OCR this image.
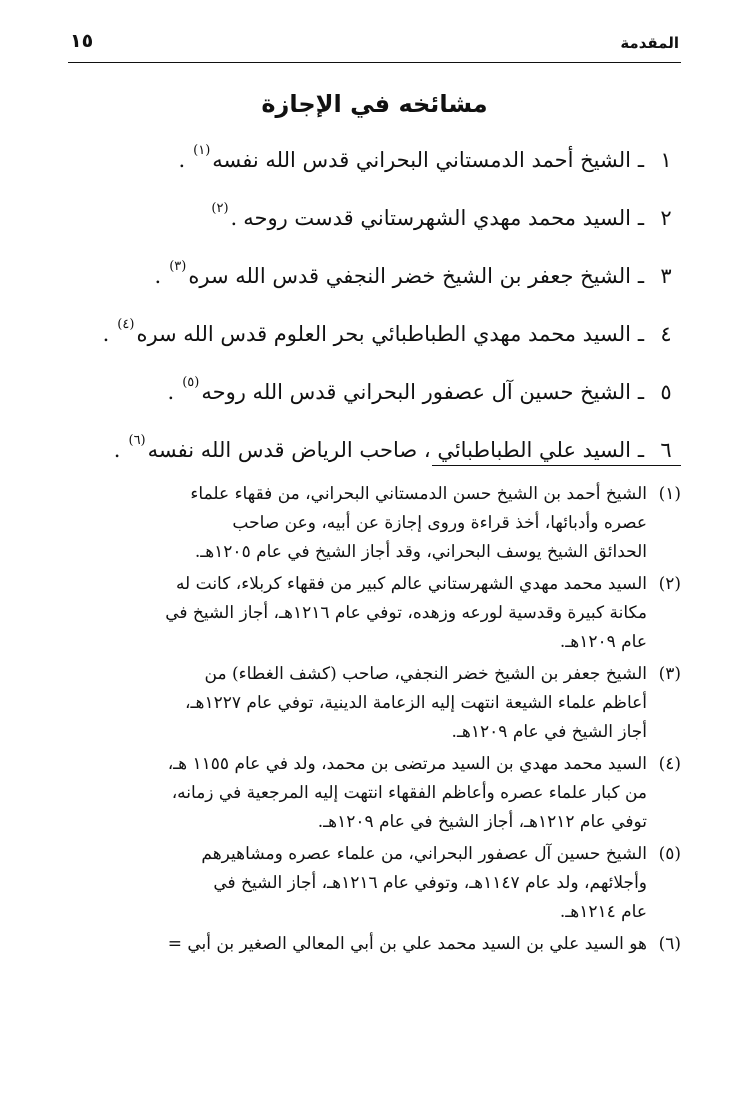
المقدمة
١٥
مشائخه في الإجازة
١
ـ
الشيخ أحمد الدمستاني البحراني قدس الله نفسه
(١)
.
٢
ـ
السيد محمد مهدي الشهرستاني قدست روحه
.
(٢)
٣
ـ
الشيخ جعفر بن الشيخ خضر النجفي قدس الله سره
(٣)
.
٤
ـ
السيد محمد مهدي الطباطبائي بحر العلوم قدس الله سره
(٤)
.
٥
ـ
الشيخ حسين آل عصفور البحراني قدس الله روحه
(٥)
.
٦
ـ
السيد علي الطباطبائي ، صاحب الرياض قدس الله نفسه
(٦)
.
(١)
الشيخ أحمد بن الشيخ حسن الدمستاني البحراني، من فقهاء علماء
عصره وأدبائها، أخذ قراءة وروى إجازة عن أبيه، وعن صاحب
الحدائق الشيخ يوسف البحراني، وقد أجاز الشيخ في عام ١٢٠٥هـ.
(٢)
السيد محمد مهدي الشهرستاني عالم كبير من فقهاء كربلاء، كانت له
مكانة كبيرة وقدسية لورعه وزهده، توفي عام ١٢١٦هـ، أجاز الشيخ في
عام ١٢٠٩هـ.
(٣)
الشيخ جعفر بن الشيخ خضر النجفي، صاحب (كشف الغطاء) من
أعاظم علماء الشيعة انتهت إليه الزعامة الدينية، توفي عام ١٢٢٧هـ،
أجاز الشيخ في عام ١٢٠٩هـ.
(٤)
السيد محمد مهدي بن السيد مرتضى بن محمد، ولد في عام ١١٥٥ هـ،
من كبار علماء عصره وأعاظم الفقهاء انتهت إليه المرجعية في زمانه،
توفي عام ١٢١٢هـ، أجاز الشيخ في عام ١٢٠٩هـ.
(٥)
الشيخ حسين آل عصفور البحراني، من علماء عصره ومشاهيرهم
وأجلائهم، ولد عام ١١٤٧هـ، وتوفي عام ١٢١٦هـ، أجاز الشيخ في
عام ١٢١٤هـ.
(٦)
هو السيد علي بن السيد محمد علي بن أبي المعالي الصغير بن أبي =
